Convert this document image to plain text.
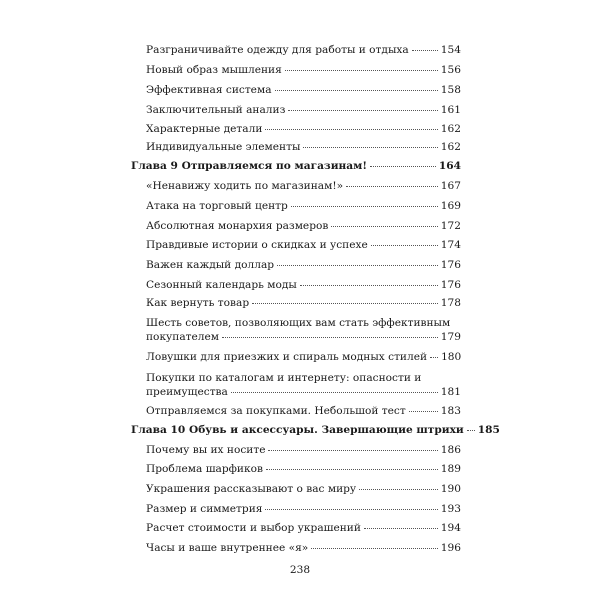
Разграничивайте одежду для работы и отдыха	154
Новый образ мышления	156
Эффективная система	158
Заключительный анализ	161
Характерные детали	162
Индивидуальные элементы	162
Глава 9 Отправляемся по магазинам!	164
«Ненавижу ходить по магазинам!»	167
Атака на торговый центр	169
Абсолютная монархия размеров	172
Правдивые истории о скидках и успехе	174
Важен каждый доллар	176
Сезонный календарь моды	176
Как вернуть товар	178
Шесть советов, позволяющих вам стать эффективным
покупателем	179
Ловушки для приезжих и спираль модных стилей 180
Покупки по каталогам и интернету: опасности и
преимущества	181
Отправляемся за покупками. Небольшой тест	183
Глава 10 Обувь и аксессуары. Завершающие штрихи 185
Почему вы их носите	186
Проблема шарфиков	189
Украшения рассказывают о вас миру	190
Размер и симметрия	193
Расчет стоимости и выбор украшений	194
Часы и ваше внутреннее «я»	196
238
